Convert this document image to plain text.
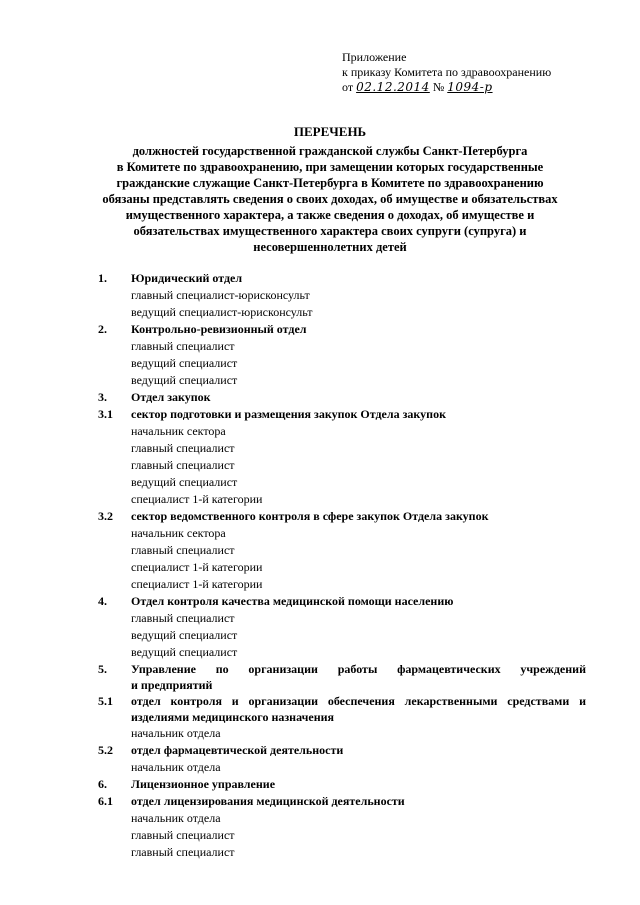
Приложение
к приказу Комитета по здравоохранению
от 02.12.2014 № 1094-р
ПЕРЕЧЕНЬ
должностей государственной гражданской службы Санкт-Петербурга
в Комитете по здравоохранению, при замещении которых государственные
гражданские служащие Санкт-Петербурга в Комитете по здравоохранению
обязаны представлять сведения о своих доходах, об имуществе и обязательствах
имущественного характера, а также сведения о доходах, об имуществе и
обязательствах имущественного характера своих супруги (супруга) и
несовершеннолетних детей
1.	Юридический отдел
главный специалист-юрисконсульт
ведущий специалист-юрисконсульт
2.	Контрольно-ревизионный отдел
главный специалист
ведущий специалист
ведущий специалист
3.	Отдел закупок
3.1	сектор подготовки и размещения закупок Отдела закупок
начальник сектора
главный специалист
главный специалист
ведущий специалист
специалист 1-й категории
3.2	сектор ведомственного контроля в сфере закупок Отдела закупок
начальник сектора
главный специалист
специалист 1-й категории
специалист 1-й категории
4.	Отдел контроля качества медицинской помощи населению
главный специалист
ведущий специалист
ведущий специалист
5.	Управление по организации работы фармацевтических учреждений
и предприятий
5.1	отдел контроля и организации обеспечения лекарственными средствами и
изделиями медицинского назначения
начальник отдела
5.2	отдел фармацевтической деятельности
начальник отдела
6.	Лицензионное управление
6.1	отдел лицензирования медицинской деятельности
начальник отдела
главный специалист
главный специалист
